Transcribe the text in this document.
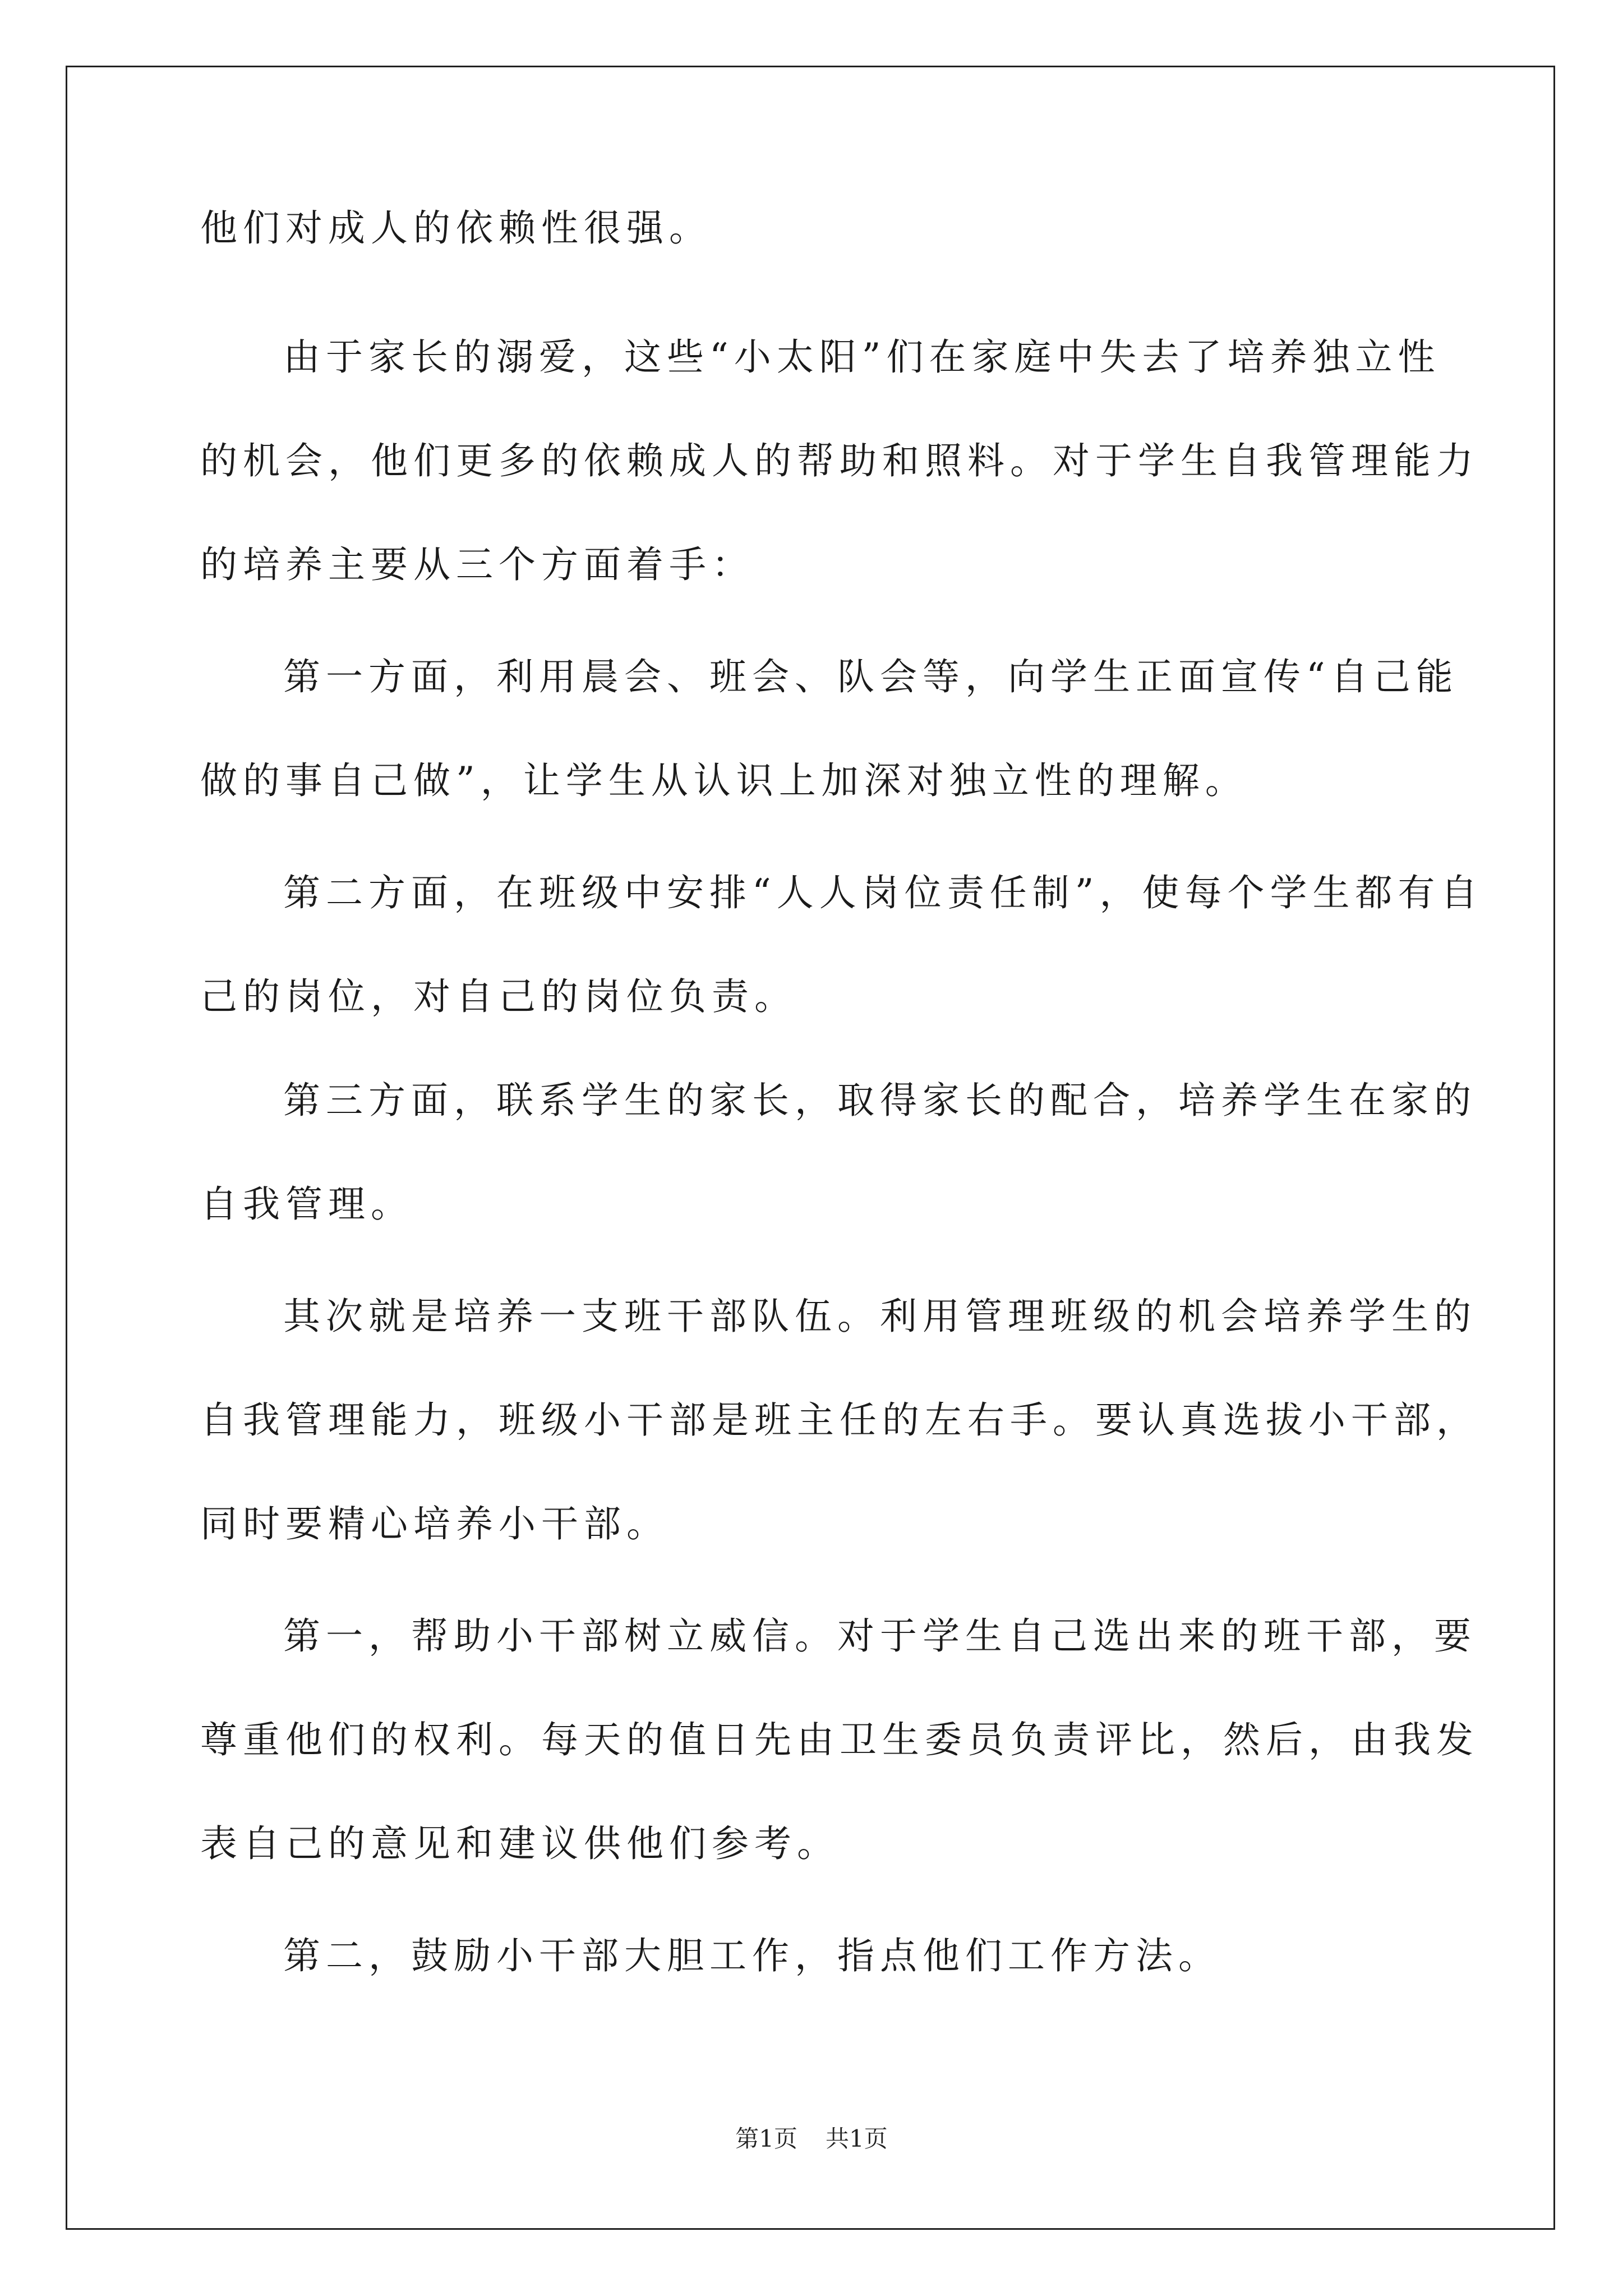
他们对成人的依赖性很强。
由于家长的溺爱，这些“小太阳”们在家庭中失去了培养独立性
的机会，他们更多的依赖成人的帮助和照料。对于学生自我管理能力
的培养主要从三个方面着手：
第一方面，利用晨会、班会、队会等，向学生正面宣传“自己能
做的事自己做”，让学生从认识上加深对独立性的理解。
第二方面，在班级中安排“人人岗位责任制”，使每个学生都有自
己的岗位，对自己的岗位负责。
第三方面，联系学生的家长，取得家长的配合，培养学生在家的
自我管理。
其次就是培养一支班干部队伍。利用管理班级的机会培养学生的
自我管理能力，班级小干部是班主任的左右手。要认真选拔小干部，
同时要精心培养小干部。
第一，帮助小干部树立威信。对于学生自己选出来的班干部，要
尊重他们的权利。每天的值日先由卫生委员负责评比，然后，由我发
表自己的意见和建议供他们参考。
第二，鼓励小干部大胆工作，指点他们工作方法。
第1页 共1页
